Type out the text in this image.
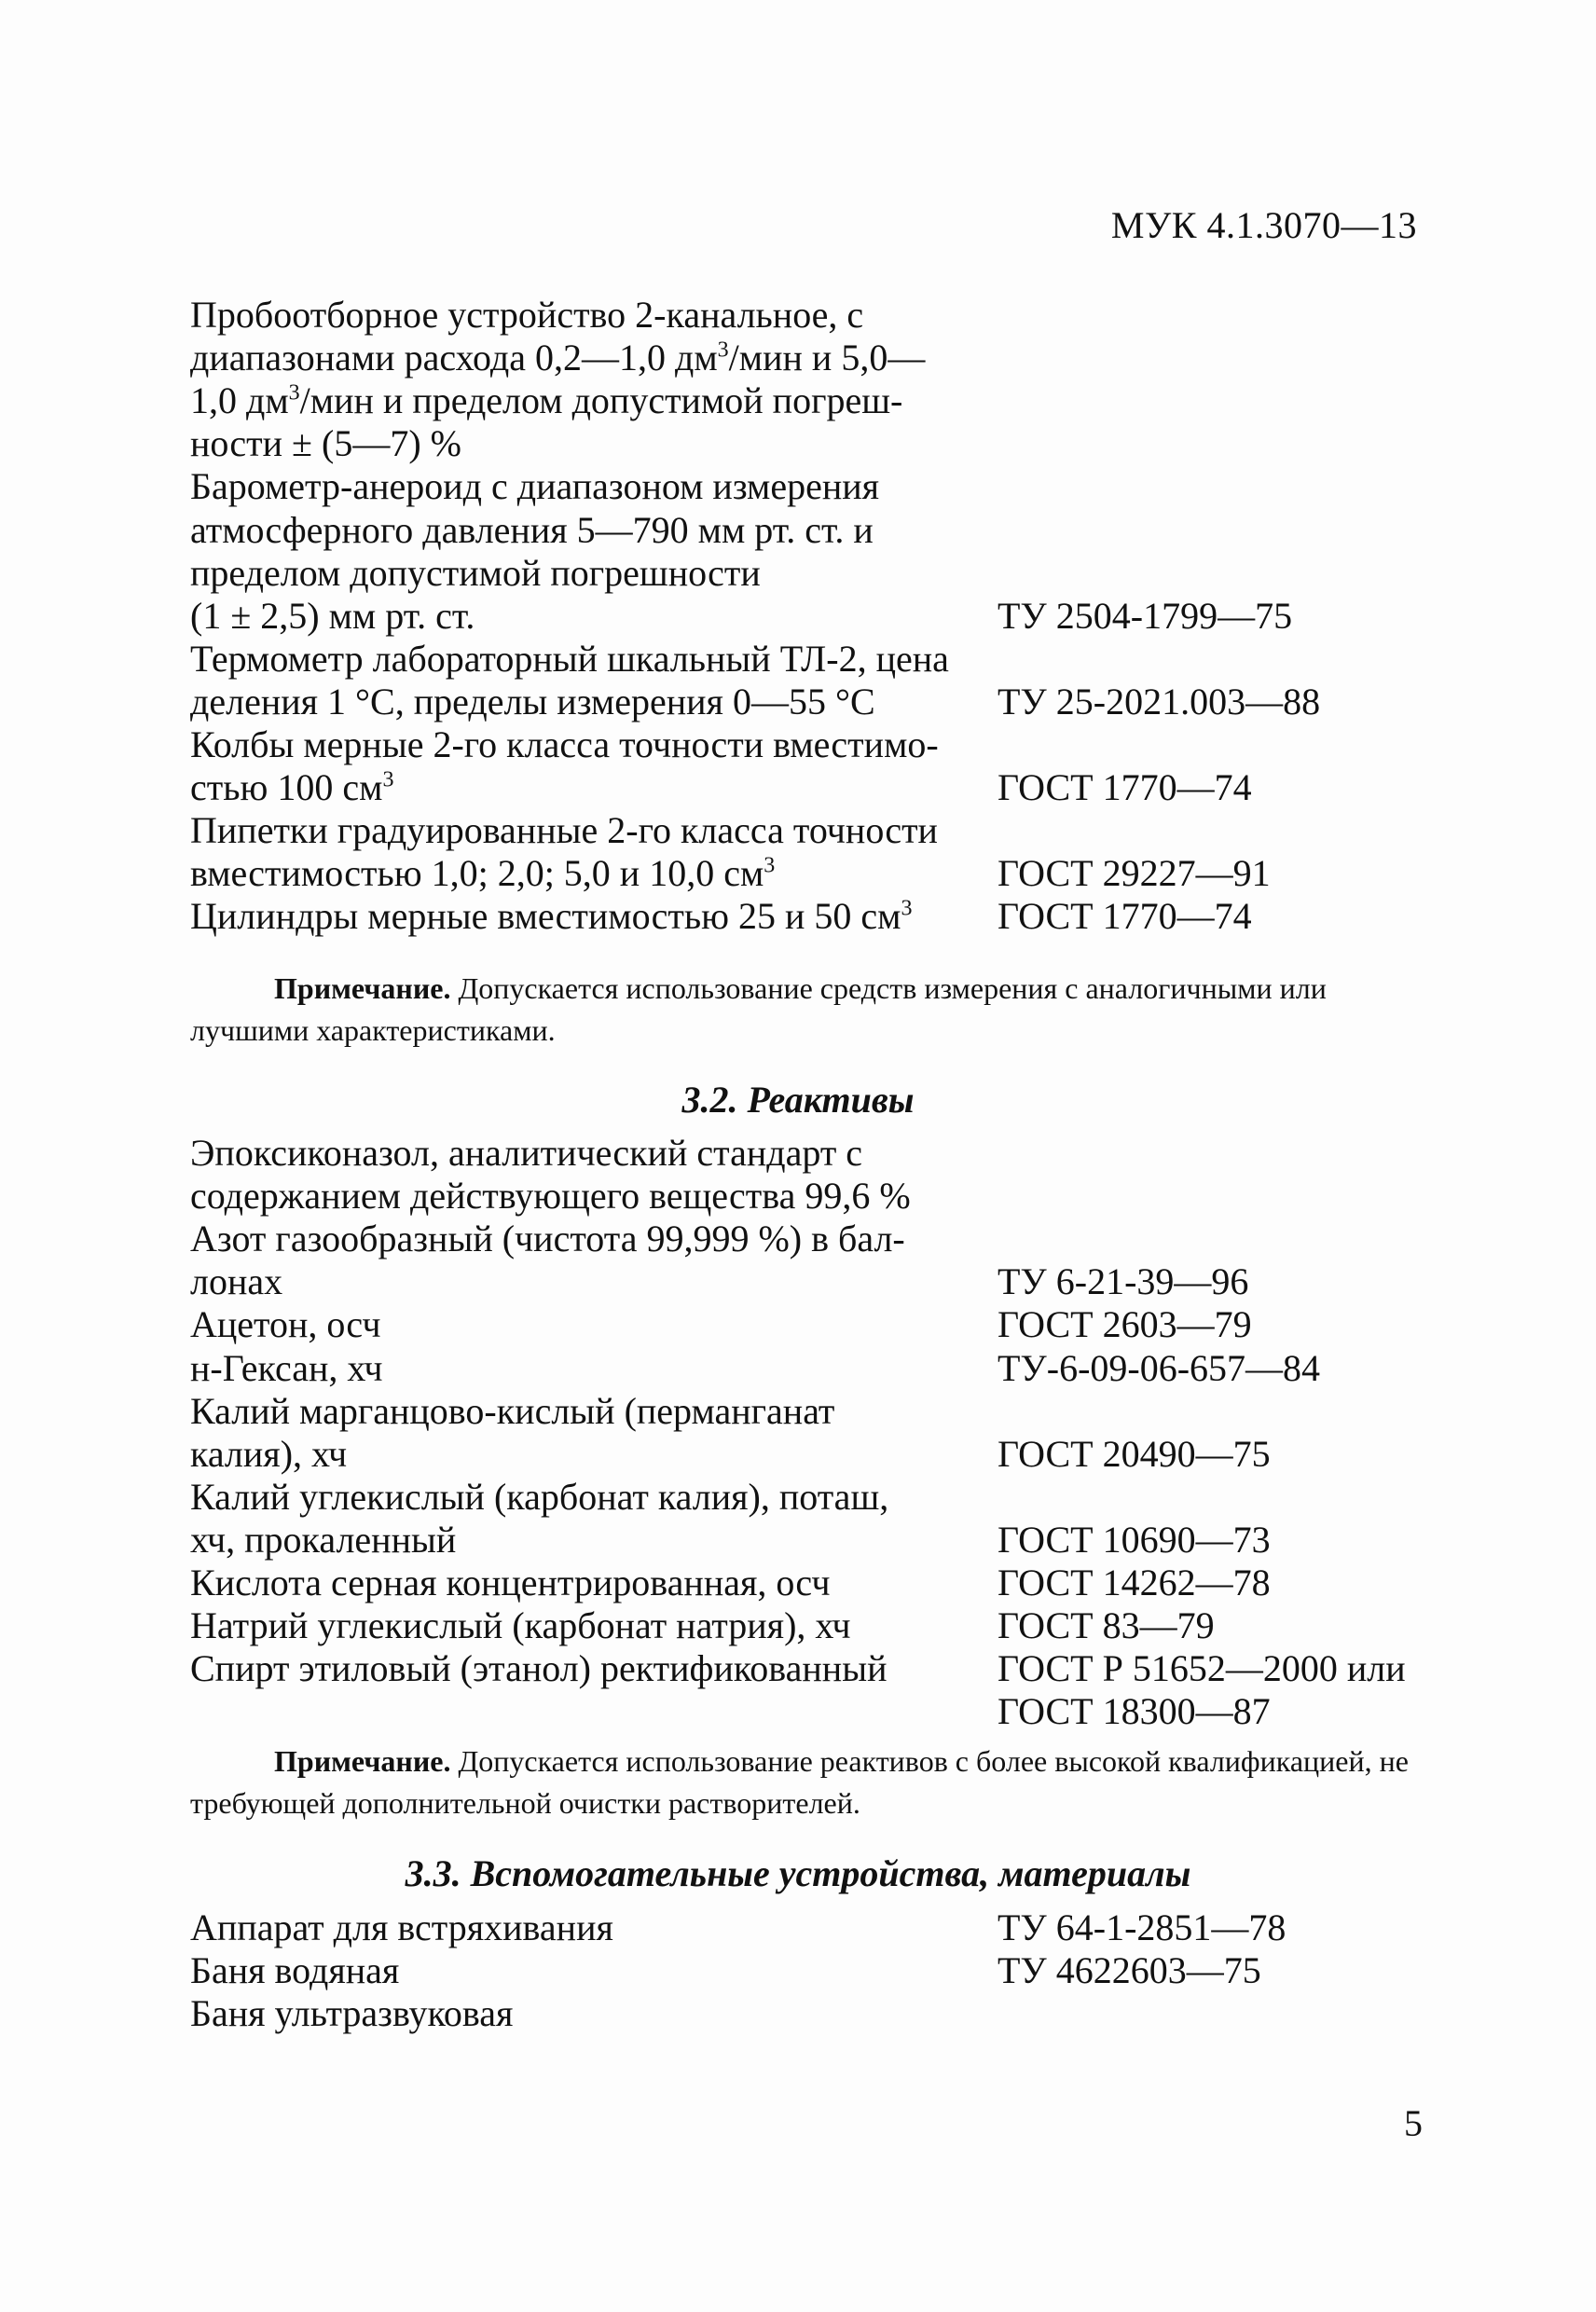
МУК 4.1.3070—13
Пробоотборное устройство 2-канальное, с
диапазонами расхода 0,2—1,0 $дм^3$/мин и 5,0—
1,0 $дм^3$/мин и пределом допустимой погреш-
ности ± (5—7) %
Барометр-анероид с диапазоном измерения
атмосферного давления 5—790 мм рт. ст. и
пределом допустимой погрешности
(1 ± 2,5) мм рт. ст.	ТУ 2504-1799—75
Термометр лабораторный шкальный ТЛ-2, цена
деления 1 °С, пределы измерения 0—55 °С	ТУ 25-2021.003—88
Колбы мерные 2-го класса точности вместимо-
стью 100 $см^3$	ГОСТ 1770—74
Пипетки градуированные 2-го класса точности
вместимостью 1,0; 2,0; 5,0 и 10,0 $см^3$	ГОСТ 29227—91
Цилиндры мерные вместимостью 25 и 50 $см^3$ ГОСТ 1770—74
Примечание. Допускается использование средств измерения с аналогичными или лучшими характеристиками.
3.2. Реактивы
Эпоксиконазол, аналитический стандарт с
содержанием действующего вещества 99,6 %
Азот газообразный (чистота 99,999 %) в бал-
лонах	ТУ 6-21-39—96
Ацетон, осч	ГОСТ 2603—79
н-Гексан, хч	ТУ-6-09-06-657—84
Калий марганцово-кислый (перманганат
калия), хч	ГОСТ 20490—75
Калий углекислый (карбонат калия), поташ,
хч, прокаленный	ГОСТ 10690—73
Кислота серная концентрированная, осч	ГОСТ 14262—78
Натрий углекислый (карбонат натрия), хч	ГОСТ 83—79
Спирт этиловый (этанол) ректификованный	ГОСТ Р 51652—2000 или
ГОСТ 18300—87
Примечание. Допускается использование реактивов с более высокой квалификацией, не требующей дополнительной очистки растворителей.
3.3. Вспомогательные устройства, материалы
Аппарат для встряхивания	ТУ 64-1-2851—78
Баня водяная	ТУ 4622603—75
Баня ультразвуковая
5
